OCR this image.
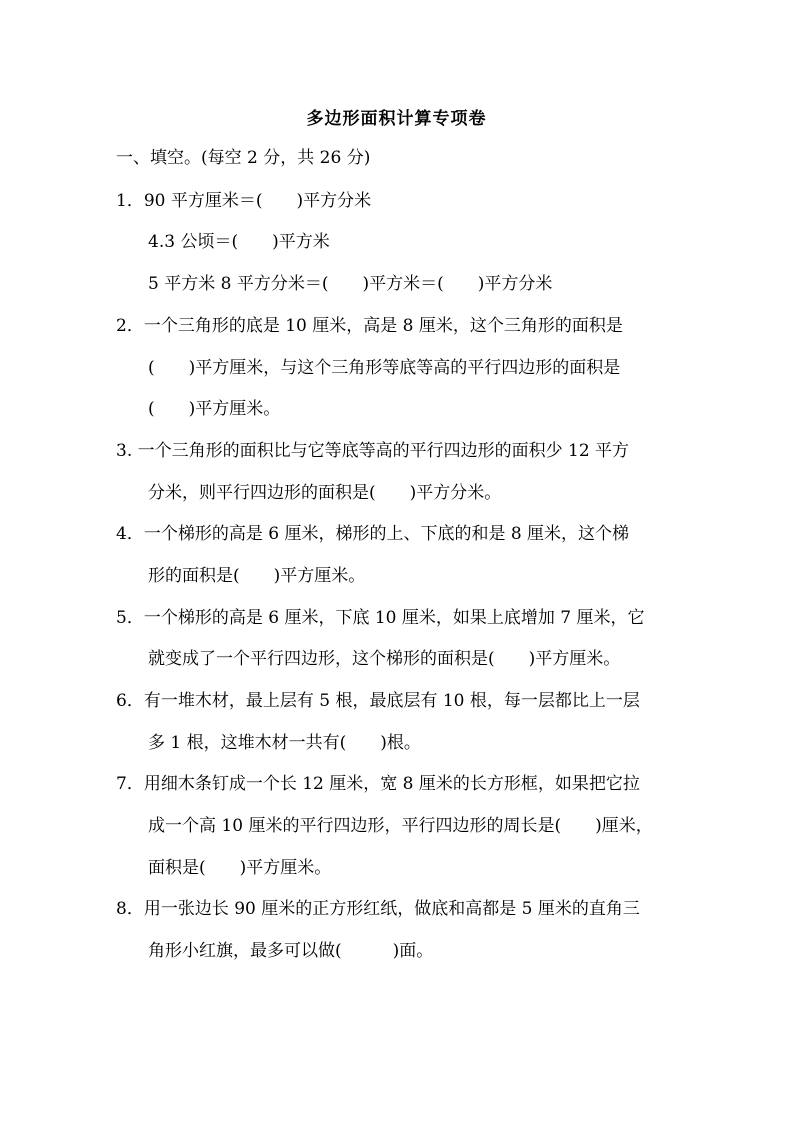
多边形面积计算专项卷
一、填空。(每空 2 分，共 26 分)
1．90 平方厘米＝(　　)平方分米
4.3 公顷＝(　　)平方米
5 平方米 8 平方分米＝(　　)平方米＝(　　)平方分米
2．一个三角形的底是 10 厘米，高是 8 厘米，这个三角形的面积是
(　　)平方厘米，与这个三角形等底等高的平行四边形的面积是
(　　)平方厘米。
3. 一个三角形的面积比与它等底等高的平行四边形的面积少 12 平方
分米，则平行四边形的面积是(　　)平方分米。
4．一个梯形的高是 6 厘米，梯形的上、下底的和是 8 厘米，这个梯
形的面积是(　　)平方厘米。
5．一个梯形的高是 6 厘米，下底 10 厘米，如果上底增加 7 厘米，它
就变成了一个平行四边形，这个梯形的面积是(　　)平方厘米。
6．有一堆木材，最上层有 5 根，最底层有 10 根，每一层都比上一层
多 1 根，这堆木材一共有(　　)根。
7．用细木条钉成一个长 12 厘米，宽 8 厘米的长方形框，如果把它拉
成一个高 10 厘米的平行四边形，平行四边形的周长是(　　)厘米，
面积是(　　)平方厘米。
8．用一张边长 90 厘米的正方形红纸，做底和高都是 5 厘米的直角三
角形小红旗，最多可以做(　　　)面。
